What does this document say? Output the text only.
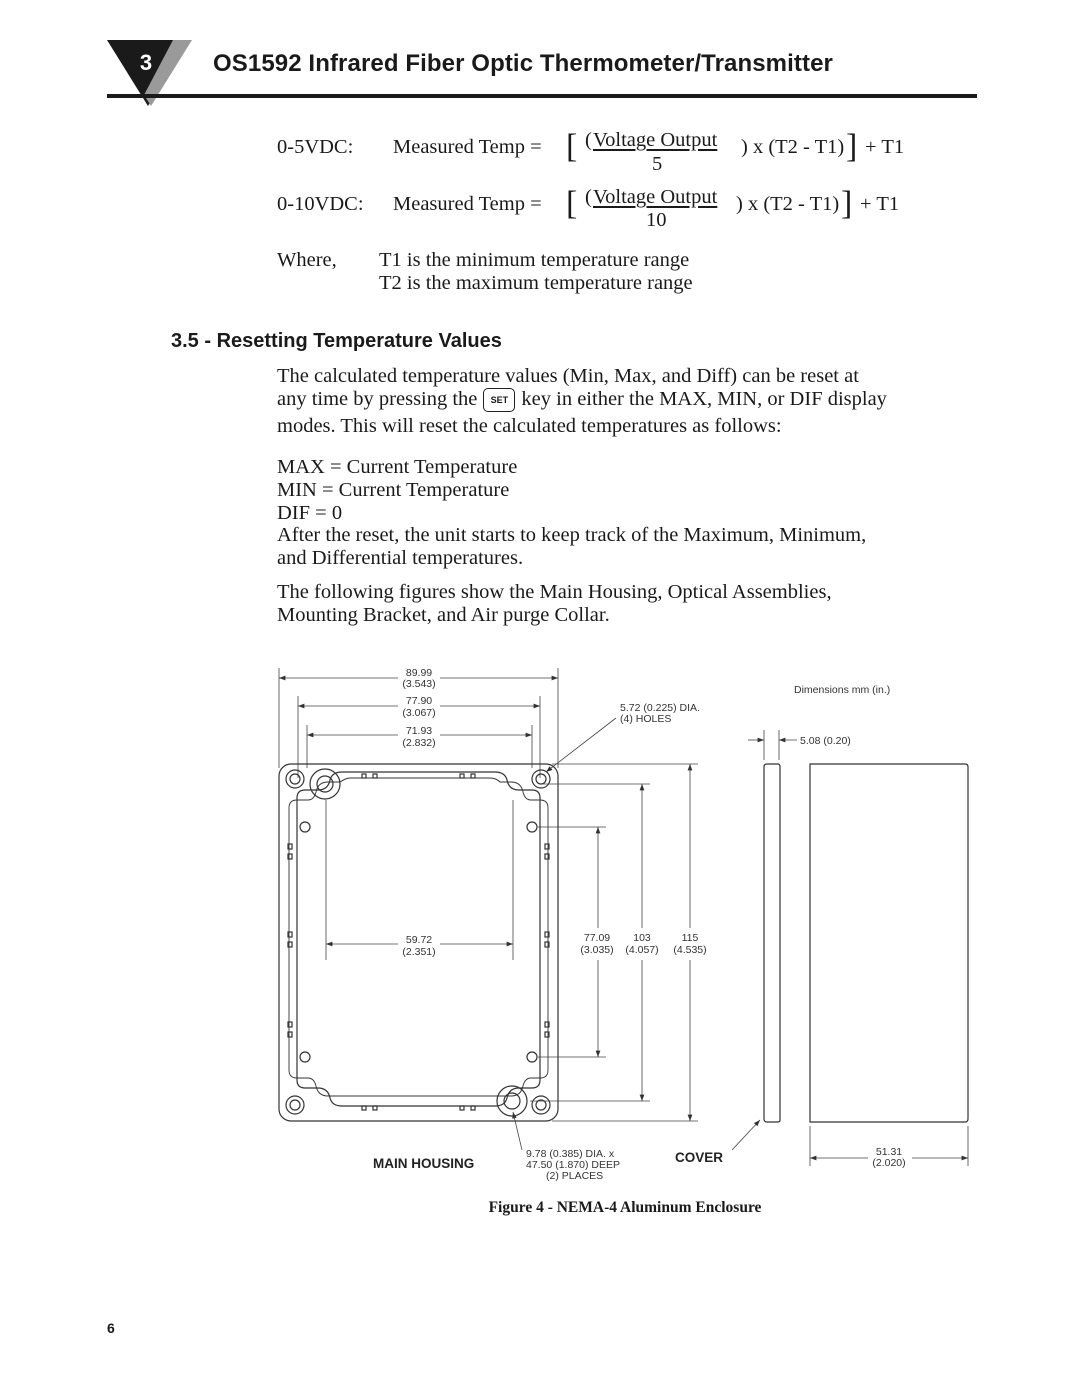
3	OS1592 Infrared Fiber Optic Thermometer/Transmitter
0-5VDC: Measured Temp = [ ( Voltage Output
5
) x (T2 - T1) ] + T1
0-10VDC: Measured Temp = [ ( Voltage Output
10
) x (T2 - T1) ] + T1
Where, T1 is the minimum temperature range
T2 is the maximum temperature range
3.5 - Resetting Temperature Values
The calculated temperature values (Min, Max, and Diff) can be reset at
any time by pressing the SET key in either the MAX, MIN, or DIF display
modes. This will reset the calculated temperatures as follows:
MAX = Current Temperature
MIN = Current Temperature
DIF = 0
After the reset, the unit starts to keep track of the Maximum, Minimum,
and Differential temperatures.
The following figures show the Main Housing, Optical Assemblies,
Mounting Bracket, and Air purge Collar.
89.99
(3.543)
77.90
(3.067)
71.93
(2.832)
59.72
(2.351)
77.09
(3.035)
103
(4.057)
115
(4.535)
5.72 (0.225) DIA.
(4) HOLES
Dimensions mm (in.)
5.08 (0.20)
51.31
(2.020)
COVER
9.78 (0.385) DIA. x
47.50 (1.870) DEEP
(2) PLACES
MAIN HOUSING
Figure 4 - NEMA-4 Aluminum Enclosure
6
